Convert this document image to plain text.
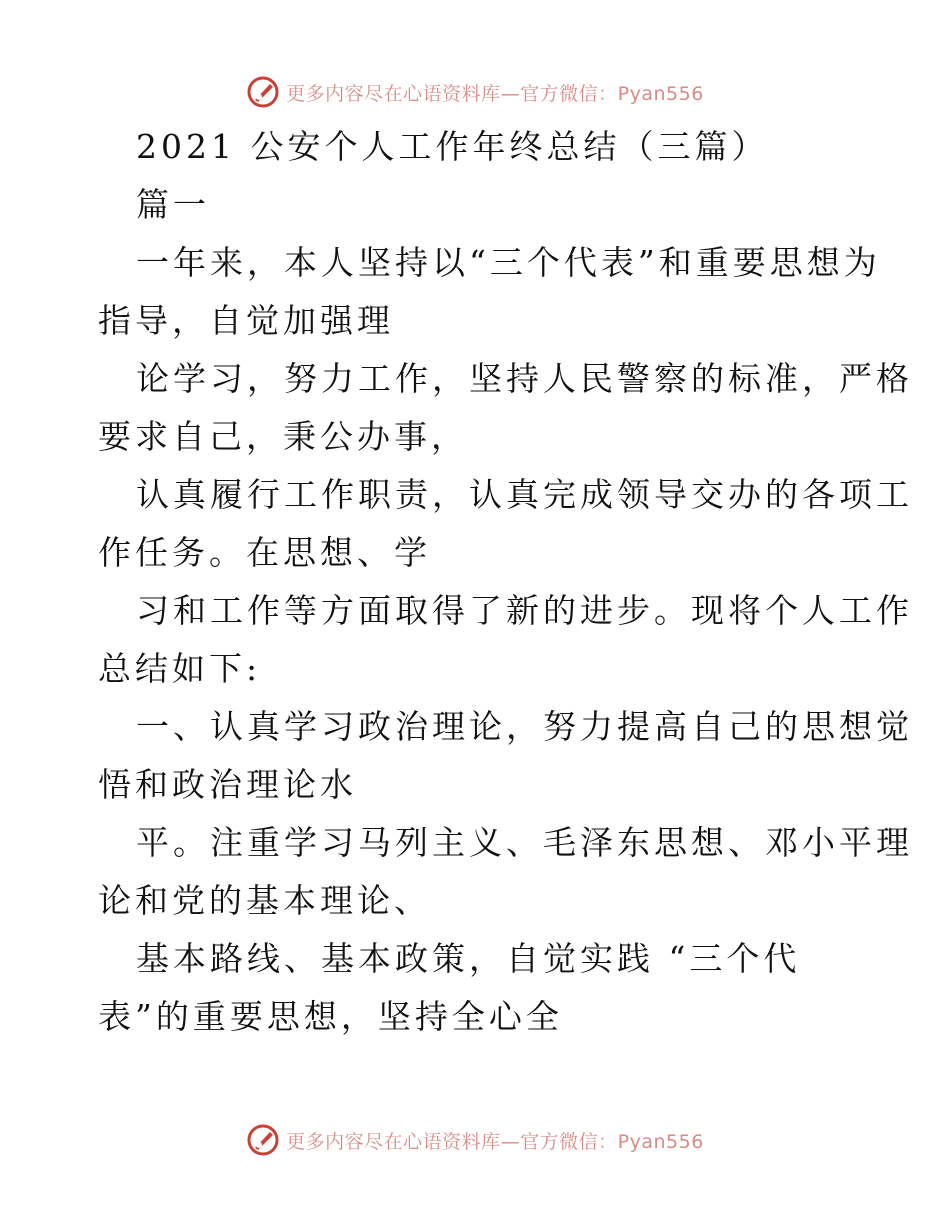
更多内容尽在心语资料库—官方微信：Pyan556
2021 公安个人工作年终总结（三篇）
篇一
一年来，本人坚持以“三个代表”和重要思想为
指导，自觉加强理
论学习，努力工作，坚持人民警察的标准，严格
要求自己，秉公办事，
认真履行工作职责，认真完成领导交办的各项工
作任务。在思想、学
习和工作等方面取得了新的进步。现将个人工作
总结如下:
一、认真学习政治理论，努力提高自己的思想觉
悟和政治理论水
平。注重学习马列主义、毛泽东思想、邓小平理
论和党的基本理论、
基本路线、基本政策，自觉实践 “三个代
表”的重要思想，坚持全心全
更多内容尽在心语资料库—官方微信：Pyan556
